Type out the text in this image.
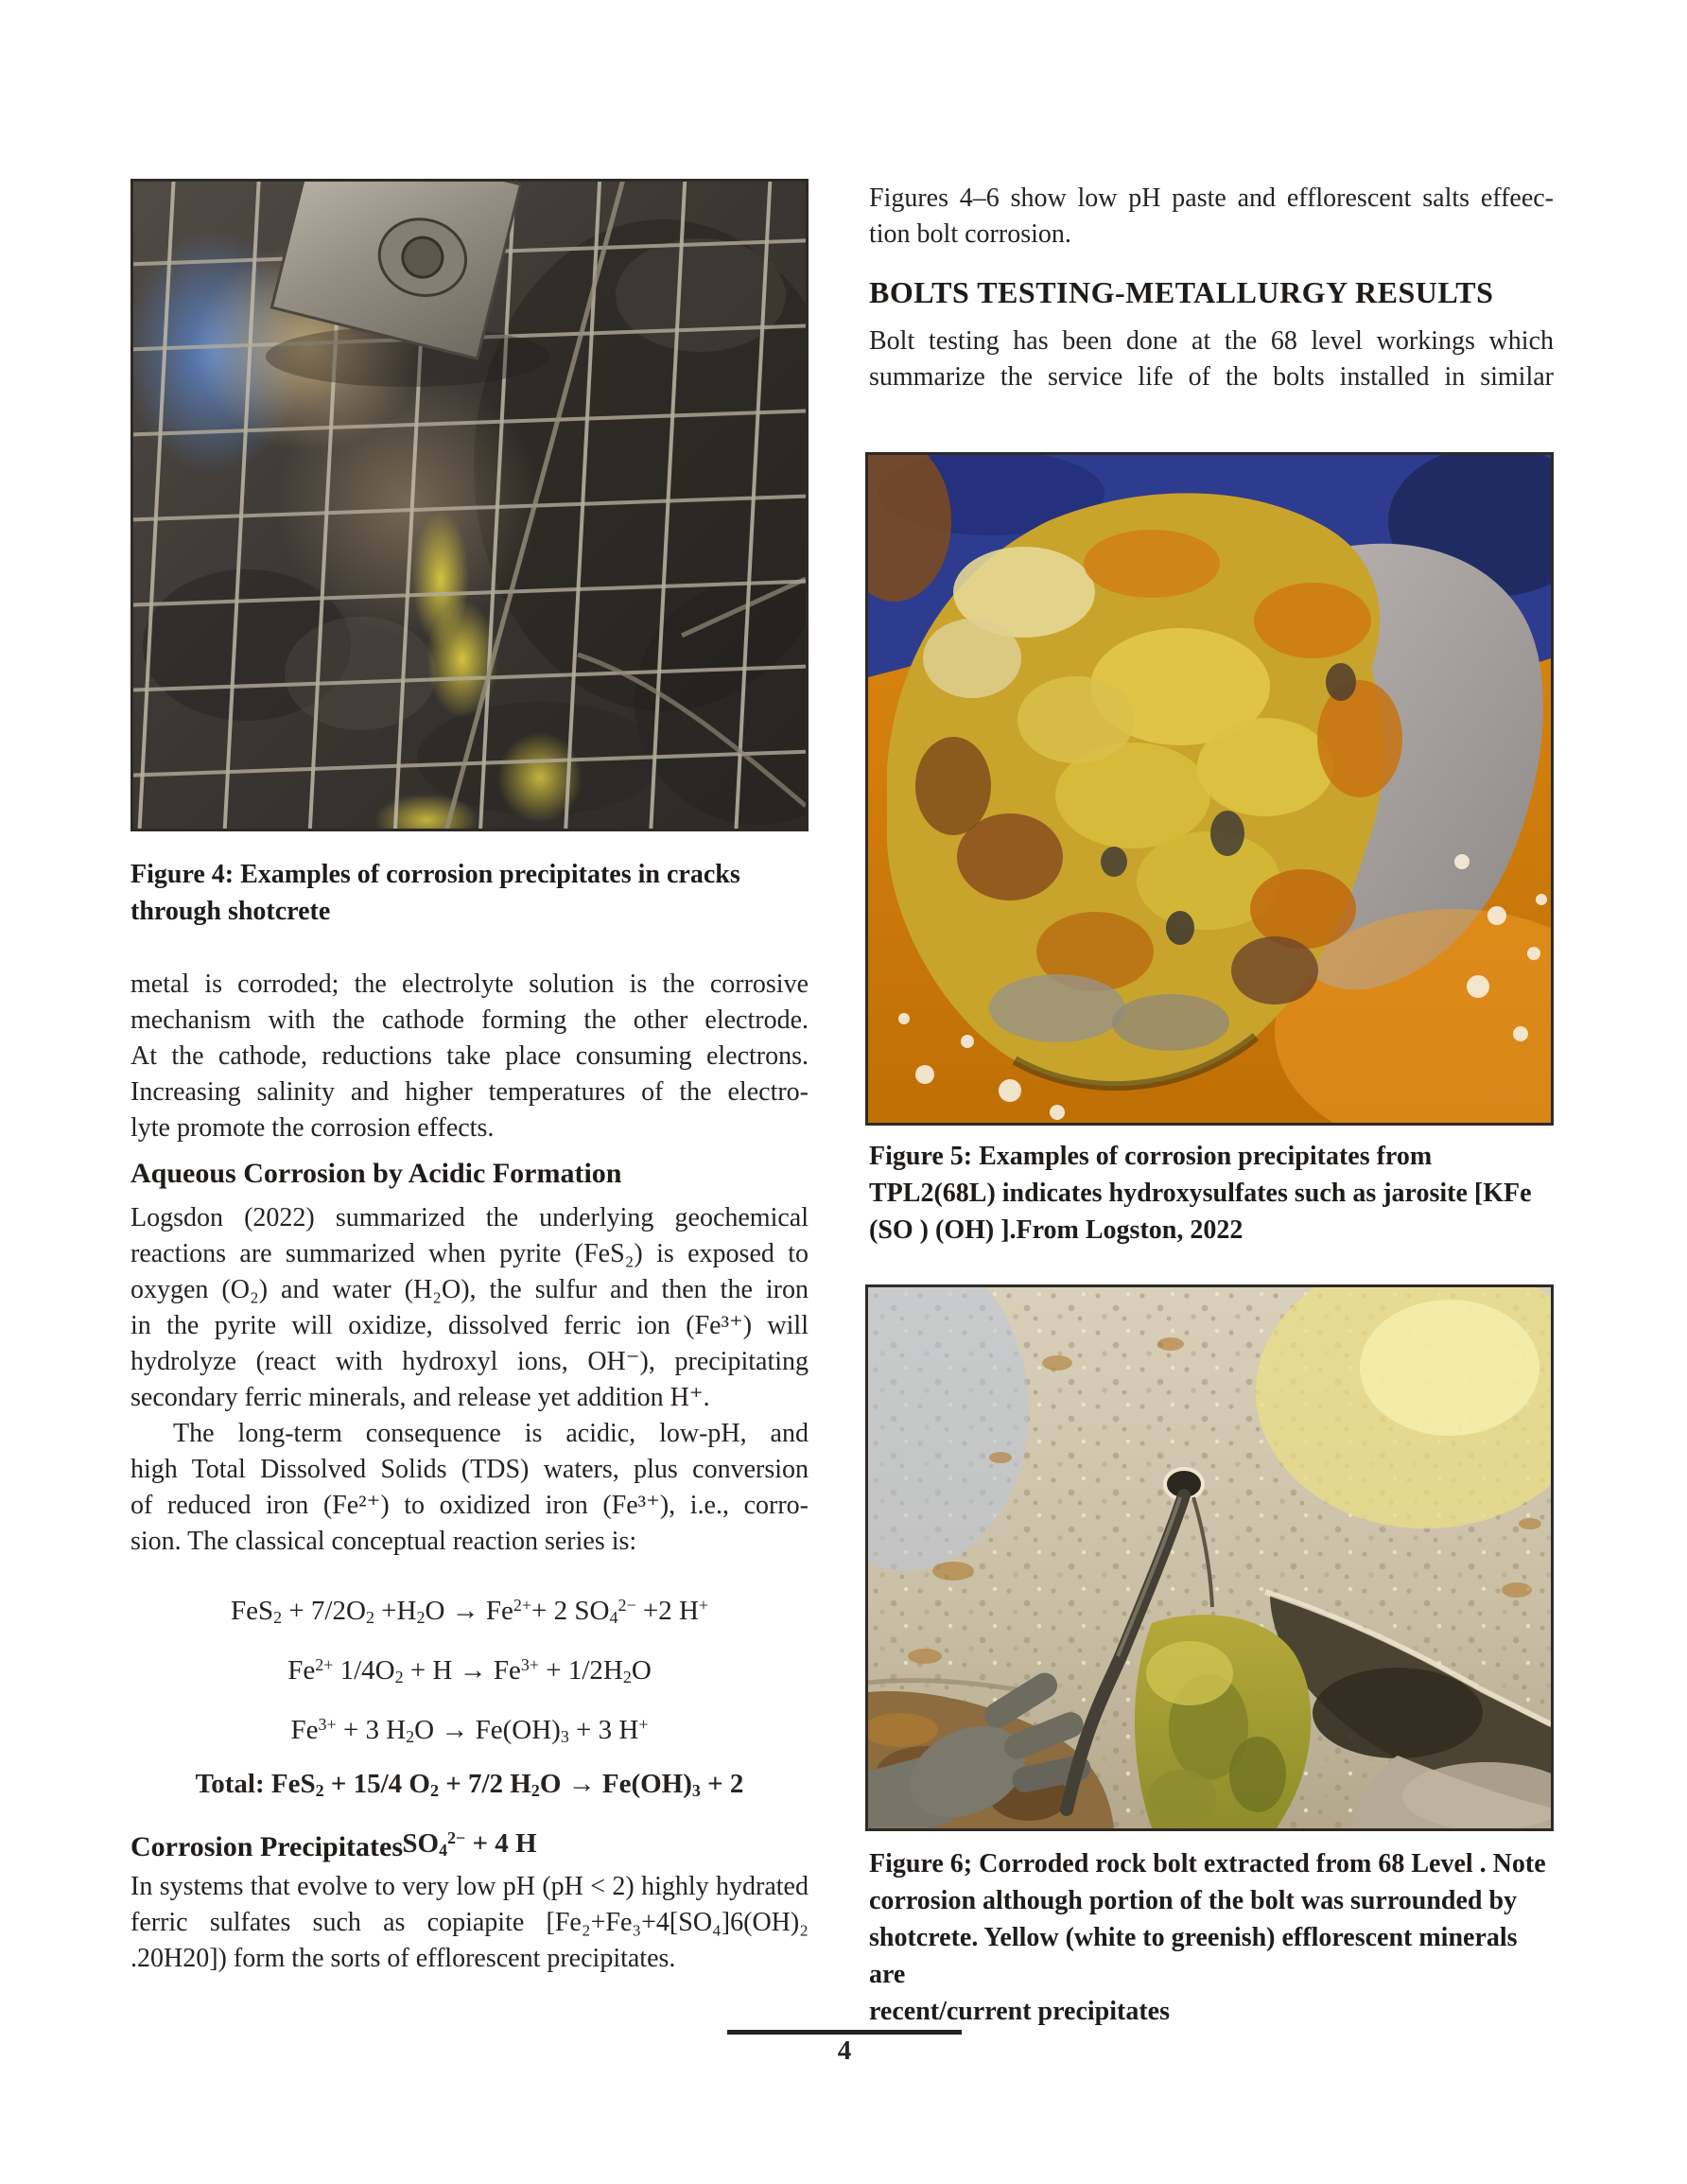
Figure 4: Examples of corrosion precipitates in cracks
through shotcrete
metal is corroded; the electrolyte solution is the corrosive
mechanism with the cathode forming the other electrode.
At the cathode, reductions take place consuming electrons.
Increasing salinity and higher temperatures of the electro-
lyte promote the corrosion effects.
Aqueous Corrosion by Acidic Formation
Logsdon (2022) summarized the underlying geochemical
reactions are summarized when pyrite (FeS₂) is exposed to
oxygen (O₂) and water (H₂O), the sulfur and then the iron
in the pyrite will oxidize, dissolved ferric ion (Fe³⁺) will
hydrolyze (react with hydroxyl ions, OH⁻), precipitating
secondary ferric minerals, and release yet addition H⁺.
The long-term consequence is acidic, low-pH, and
high Total Dissolved Solids (TDS) waters, plus conversion
of reduced iron (Fe²⁺) to oxidized iron (Fe³⁺), i.e., corro-
sion. The classical conceptual reaction series is:
$FeS_2 + 7/2O_2 +H_2O \to Fe^{2+}+ 2$ $SO_4^{2-} +2$ H+
$Fe^{2+}$ $1/4O_2 + H \to Fe^{3+} + 1/2H_2O$
$Fe^{3+} + 3$ $H_2O \to Fe(OH)_3 + 3$ H+
Total: FeS$_2$ + 15/4 $O_2 + 7/2$ $H_2O \to Fe(OH)_3 + 2$
$SO_4^{2-} + 4$ H
Corrosion Precipitates
In systems that evolve to very low pH (pH < 2) highly hydrated
ferric sulfates such as copiapite [Fe₂+Fe₃+4[SO₄]6(OH)₂
.20H20]) form the sorts of efflorescent precipitates.
Figures 4–6 show low pH paste and efflorescent salts effeec-
tion bolt corrosion.
BOLTS TESTING-METALLURGY RESULTS
Bolt testing has been done at the 68 level workings which
summarize the service life of the bolts installed in similar
Figure 5: Examples of corrosion precipitates from
TPL2(68L) indicates hydroxysulfates such as jarosite [KFe
(SO ) (OH) ].From Logston, 2022
Figure 6; Corroded rock bolt extracted from 68 Level . Note
corrosion although portion of the bolt was surrounded by
shotcrete. Yellow (white to greenish) efflorescent minerals are
recent/current precipitates
4
